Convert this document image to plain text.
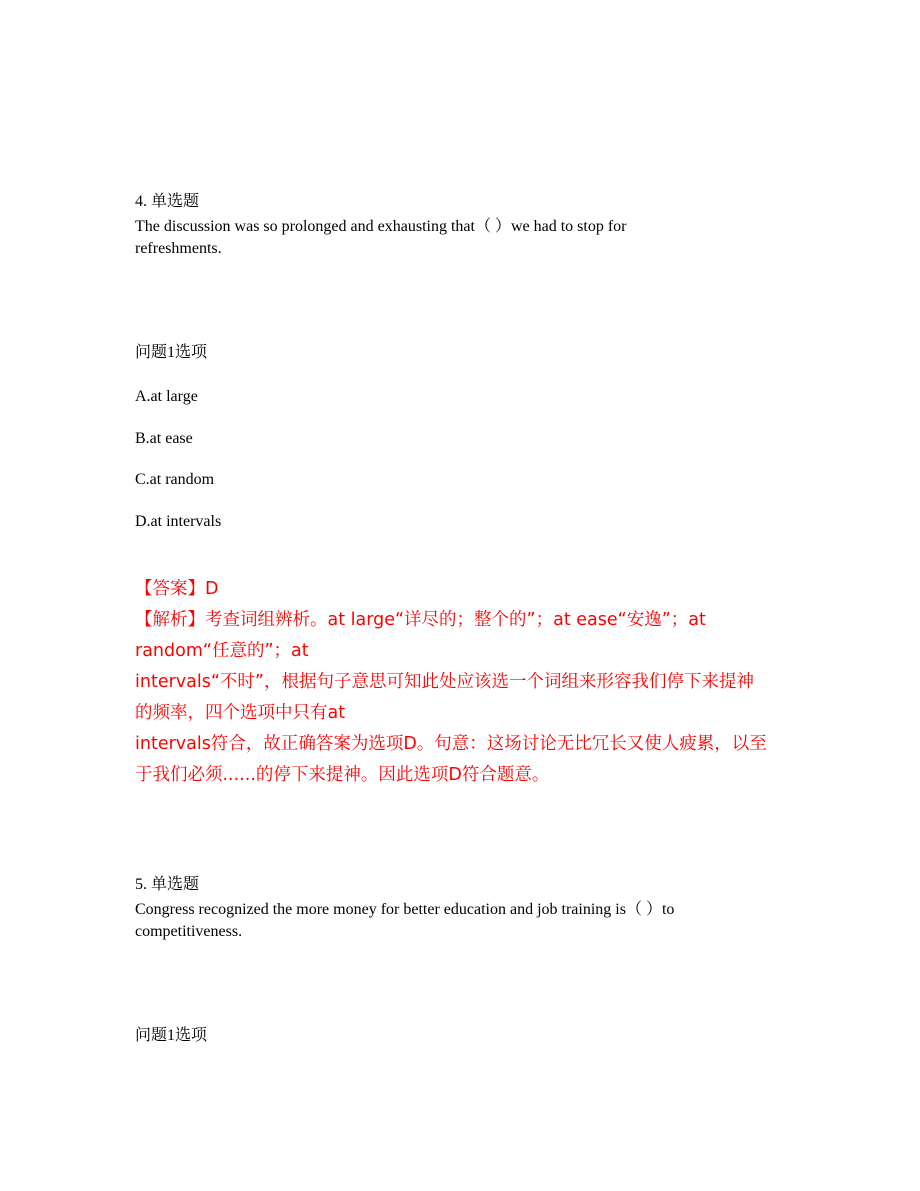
4. 单选题
The discussion was so prolonged and exhausting that（ ）we had to stop for
refreshments.
问题1选项
A.at large
B.at ease
C.at random
D.at intervals
【答案】D
【解析】考查词组辨析。at large“详尽的；整个的”；at ease“安逸”；at
random“任意的”；at
intervals“不时”，根据句子意思可知此处应该选一个词组来形容我们停下来提神
的频率，四个选项中只有at
intervals符合，故正确答案为选项D。句意：这场讨论无比冗长又使人疲累，以至
于我们必须......的停下来提神。因此选项D符合题意。
5. 单选题
Congress recognized the more money for better education and job training is（ ）to
competitiveness.
问题1选项
